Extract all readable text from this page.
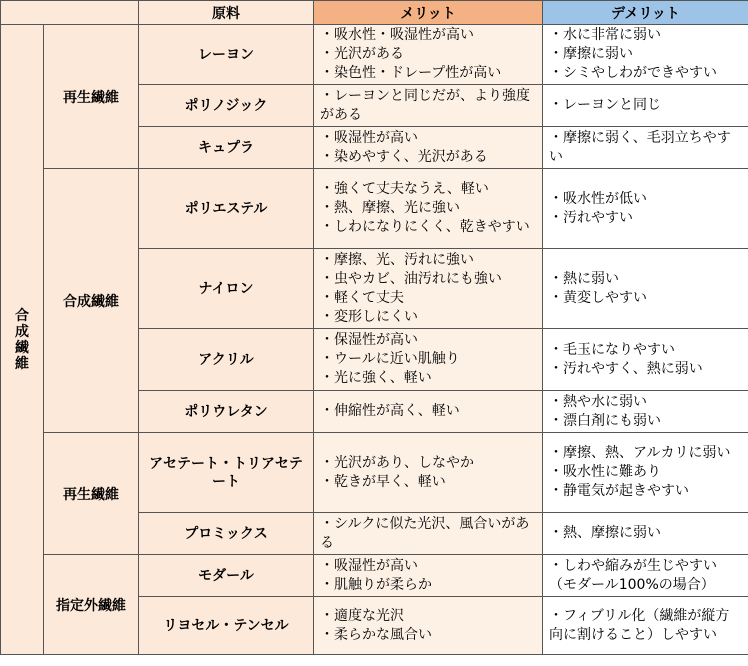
		原料	メリット	デメリット
合成繊維	再生繊維	レーヨン	・吸水性・吸湿性が高い
・光沢がある
・染色性・ドレープ性が高い	・水に非常に弱い
・摩擦に弱い
・シミやしわができやすい

		ポリノジック	・レーヨンと同じだが、より強度がある	・レーヨンと同じ

		キュプラ	・吸湿性が高い
・染めやすく、光沢がある	・摩擦に弱く、毛羽立ちやすい

	合成繊維	ポリエステル	・強くて丈夫なうえ、軽い
・熱、摩擦、光に強い
・しわになりにくく、乾きやすい	・吸水性が低い
・汚れやすい

		ナイロン	・摩擦、光、汚れに強い
・虫やカビ、油汚れにも強い
・軽くて丈夫
・変形しにくい	・熱に弱い
・黄変しやすい

		アクリル	・保湿性が高い
・ウールに近い肌触り
・光に強く、軽い	・毛玉になりやすい
・汚れやすく、熱に弱い

		ポリウレタン	・伸縮性が高く、軽い	・熱や水に弱い
・漂白剤にも弱い

	再生繊維	アセテート・トリアセテート	・光沢があり、しなやか
・乾きが早く、軽い	・摩擦、熱、アルカリに弱い
・吸水性に難あり
・静電気が起きやすい

		プロミックス	・シルクに似た光沢、風合いがある	・熱、摩擦に弱い

	指定外繊維	モダール	・吸湿性が高い
・肌触りが柔らか	・しわや縮みが生じやすい
（モダール100%の場合）

		リヨセル・テンセル	・適度な光沢
・柔らかな風合い	・フィブリル化（繊維が縦方向に割けること）しやすい
